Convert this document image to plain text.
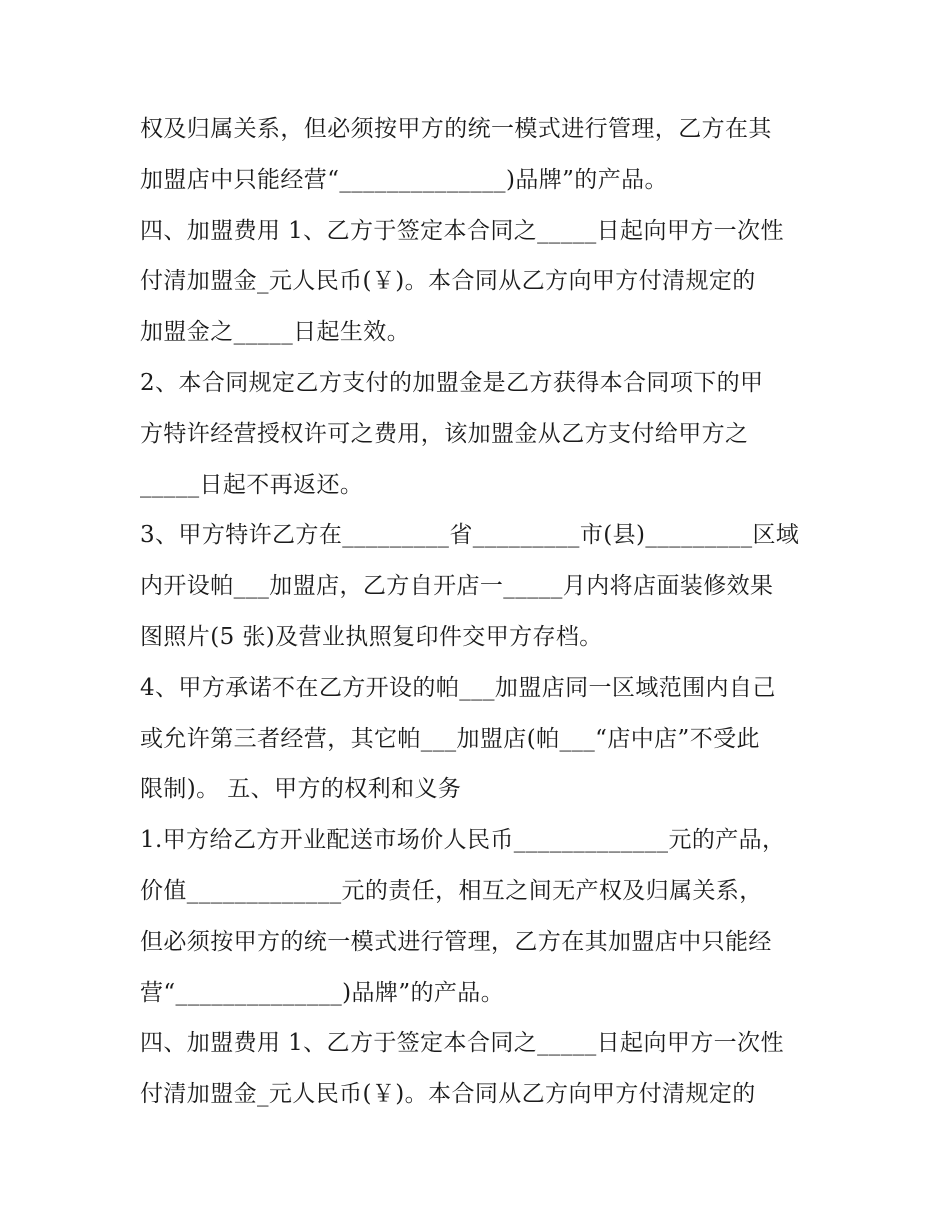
权及归属关系，但必须按甲方的统一模式进行管理，乙方在其
加盟店中只能经营“______________)品牌”的产品。
四、加盟费用 1、乙方于签定本合同之_____日起向甲方一次性
付清加盟金_元人民币(￥)。本合同从乙方向甲方付清规定的
加盟金之_____日起生效。
2、本合同规定乙方支付的加盟金是乙方获得本合同项下的甲
方特许经营授权许可之费用，该加盟金从乙方支付给甲方之
_____日起不再返还。
3、甲方特许乙方在_________省_________市(县)_________区域
内开设帕___加盟店，乙方自开店一_____月内将店面装修效果
图照片(5 张)及营业执照复印件交甲方存档。
4、甲方承诺不在乙方开设的帕___加盟店同一区域范围内自己
或允许第三者经营，其它帕___加盟店(帕___“店中店”不受此
限制)。 五、甲方的权利和义务
1.甲方给乙方开业配送市场价人民币_____________元的产品，
价值_____________元的责任，相互之间无产权及归属关系，
但必须按甲方的统一模式进行管理，乙方在其加盟店中只能经
营“______________)品牌”的产品。
四、加盟费用 1、乙方于签定本合同之_____日起向甲方一次性
付清加盟金_元人民币(￥)。本合同从乙方向甲方付清规定的
